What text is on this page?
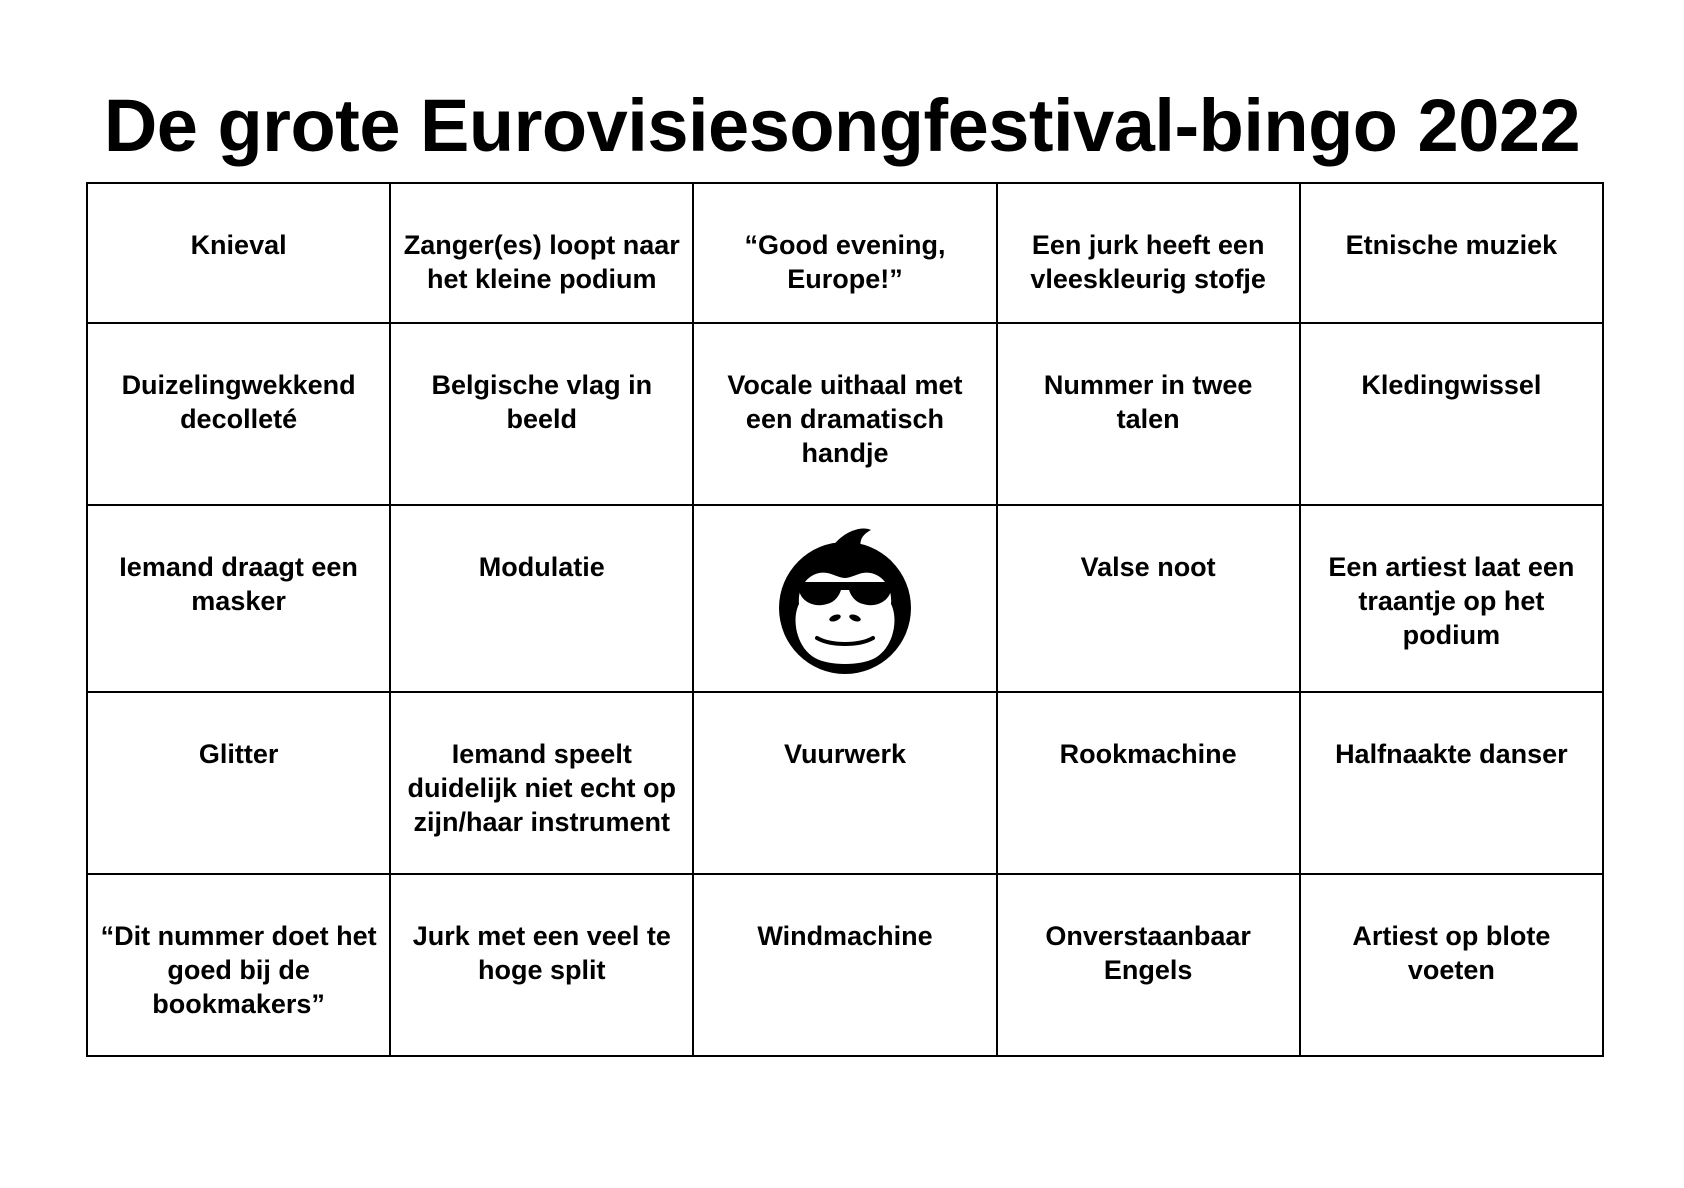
De grote Eurovisiesongfestival-bingo 2022
Knieval	Zanger(es) loopt naar het kleine podium	“Good evening, Europe!”	Een jurk heeft een vleeskleurig stofje	Etnische muziek
Duizelingwekkend decolleté	Belgische vlag in beeld	Vocale uithaal met een dramatisch handje	Nummer in twee talen	Kledingwissel
Iemand draagt een masker	Modulatie		Valse noot	Een artiest laat een traantje op het podium
Glitter	Iemand speelt duidelijk niet echt op zijn/haar instrument	Vuurwerk	Rookmachine	Halfnaakte danser
“Dit nummer doet het goed bij de bookmakers”	Jurk met een veel te hoge split	Windmachine	Onverstaanbaar Engels	Artiest op blote voeten
